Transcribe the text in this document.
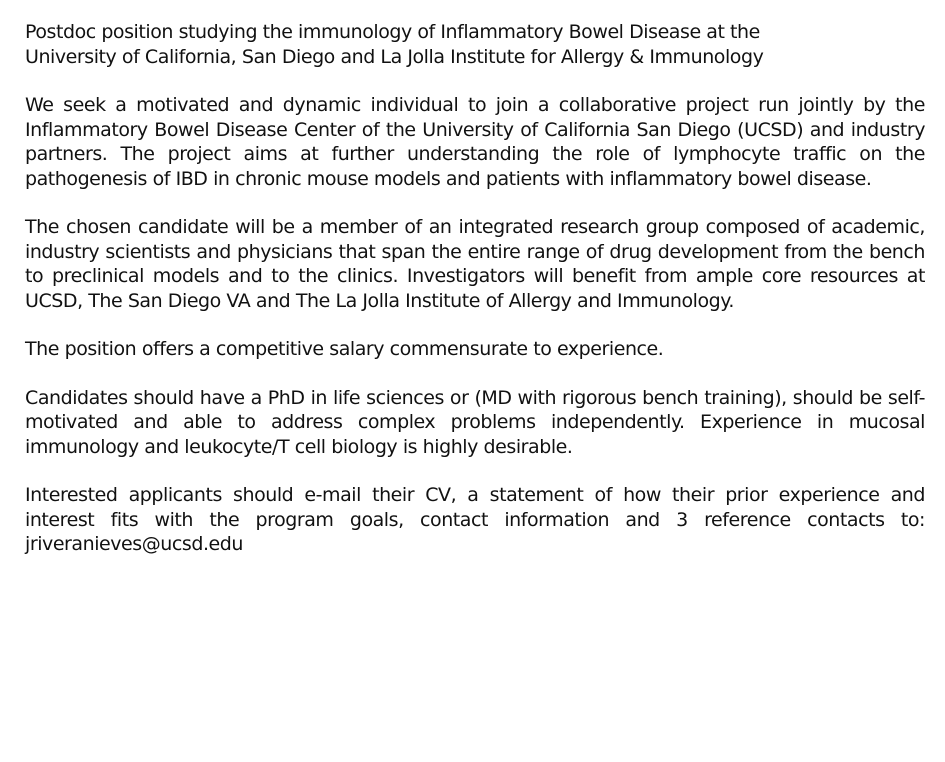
Postdoc position studying the immunology of Inflammatory Bowel Disease at the
University of California, San Diego and La Jolla Institute for Allergy & Immunology

We seek a motivated and dynamic individual to join a collaborative project run jointly by the Inflammatory Bowel Disease Center of the University of California San Diego (UCSD) and industry partners. The project aims at further understanding the role of lymphocyte traffic on the pathogenesis of IBD in chronic mouse models and patients with inflammatory bowel disease.

The chosen candidate will be a member of an integrated research group composed of academic, industry scientists and physicians that span the entire range of drug development from the bench to preclinical models and to the clinics. Investigators will benefit from ample core resources at UCSD, The San Diego VA and The La Jolla Institute of Allergy and Immunology.

The position offers a competitive salary commensurate to experience.

Candidates should have a PhD in life sciences or (MD with rigorous bench training), should be self-motivated and able to address complex problems independently. Experience in mucosal immunology and leukocyte/T cell biology is highly desirable.

Interested applicants should e-mail their CV, a statement of how their prior experience and interest fits with the program goals, contact information and 3 reference contacts to: jriveranieves@ucsd.edu
